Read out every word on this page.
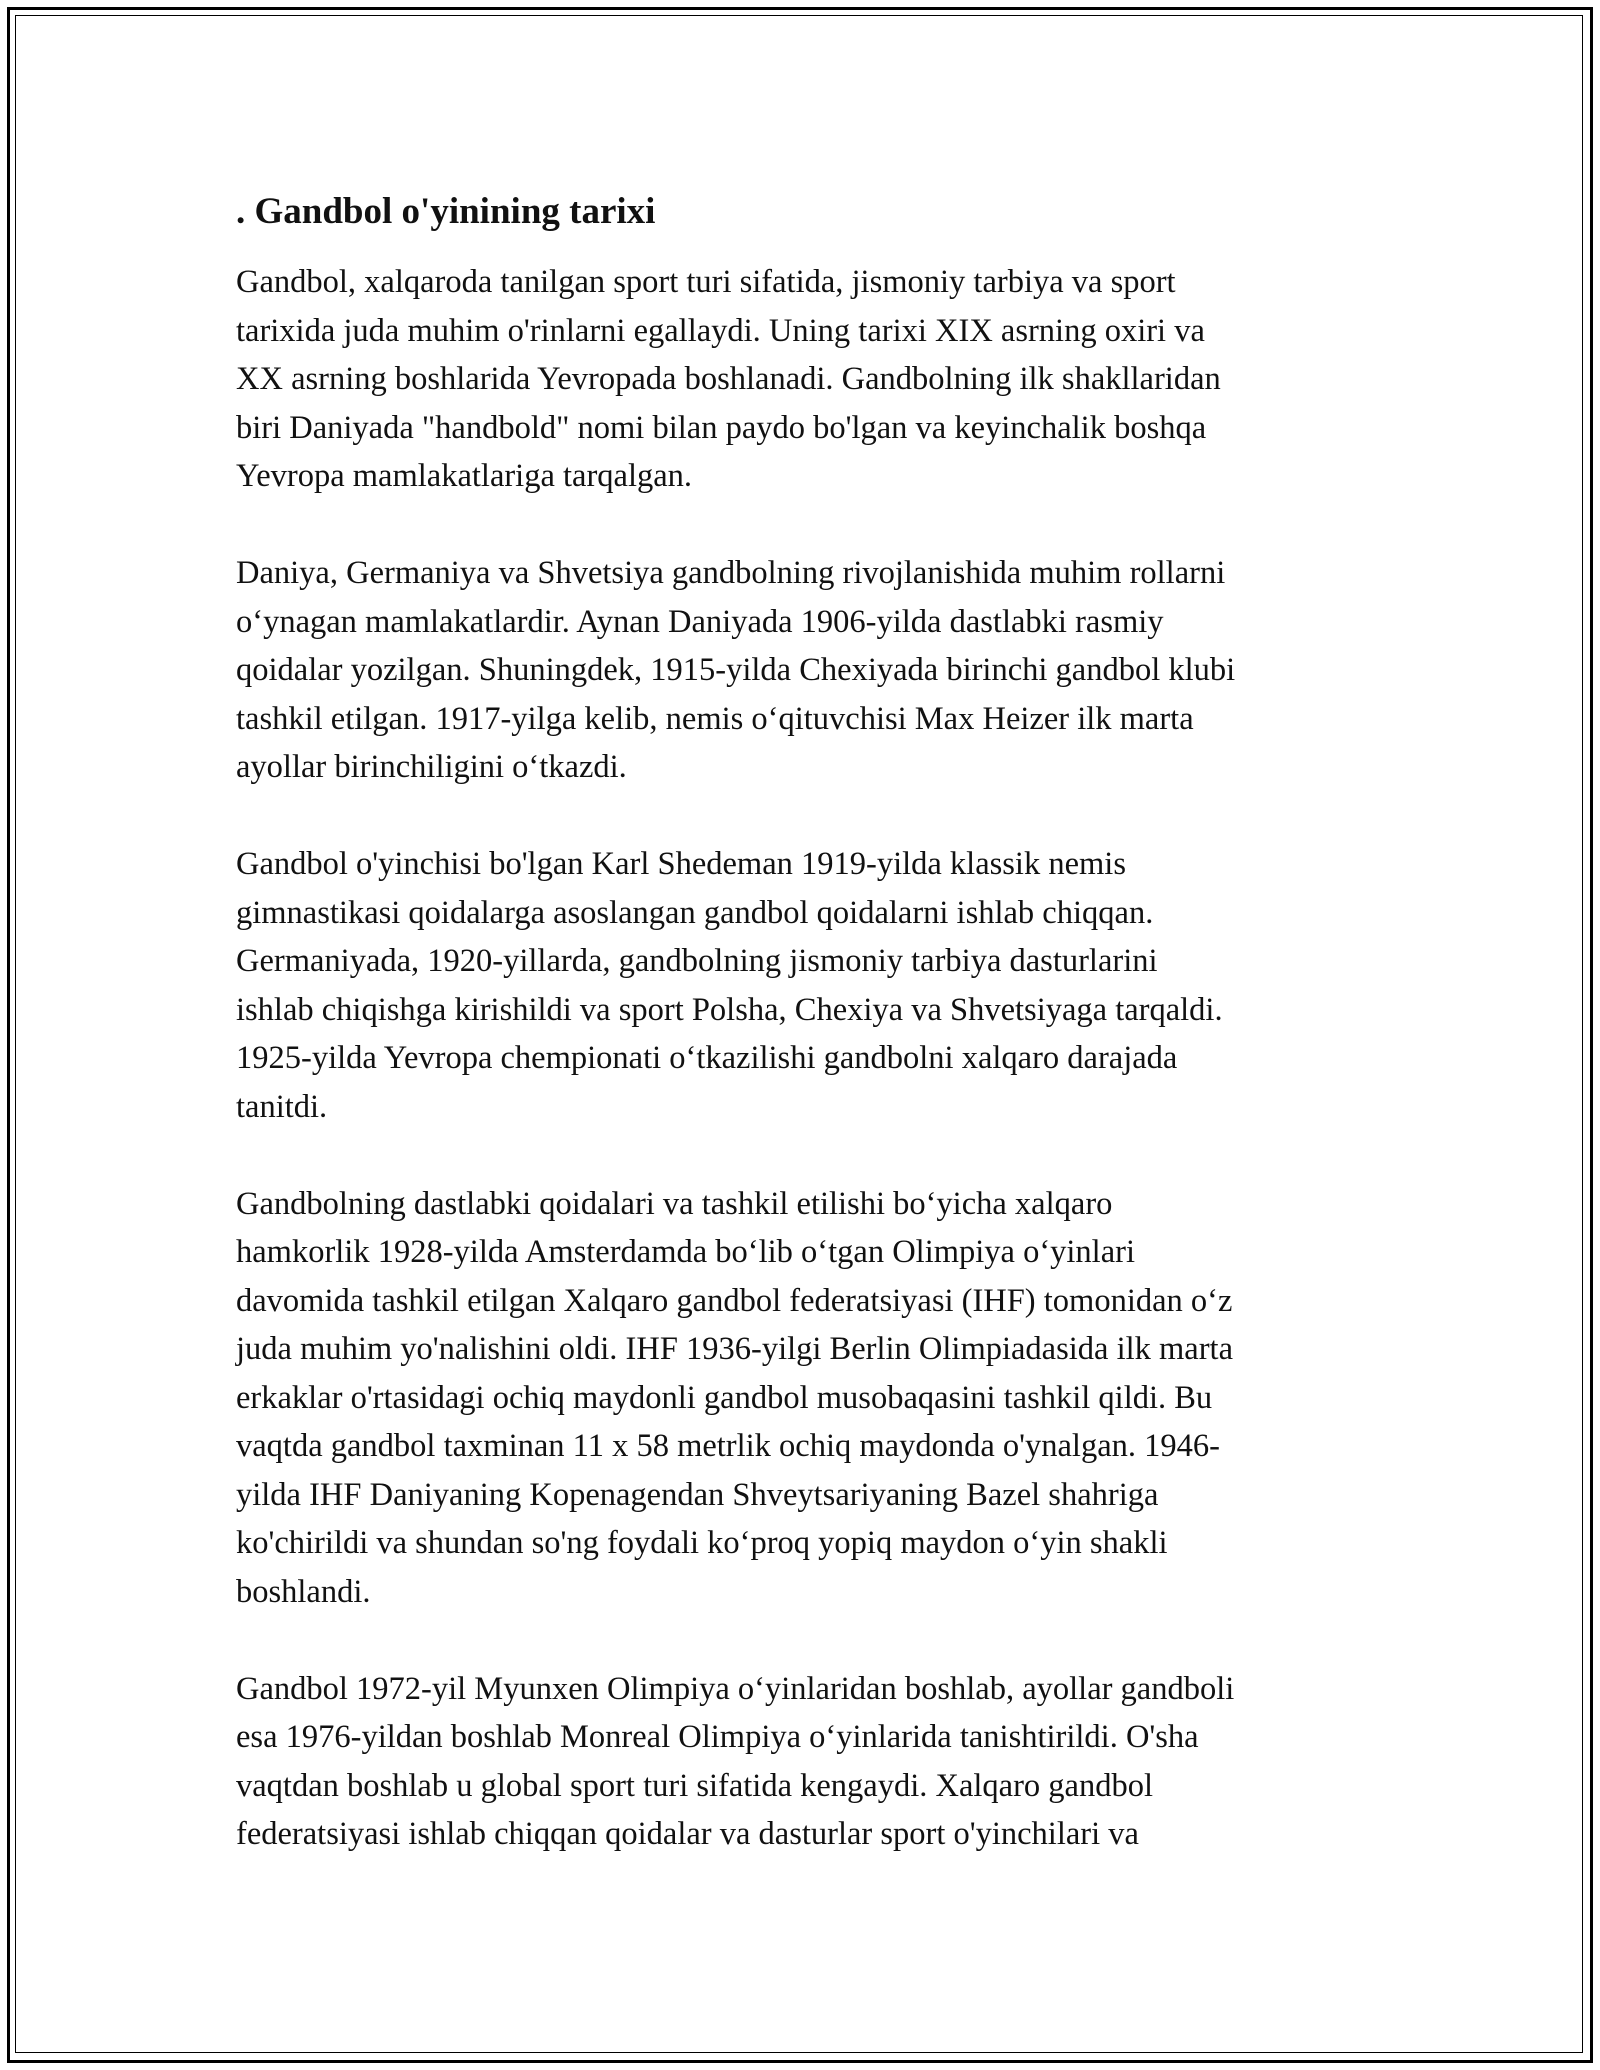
. Gandbol o'yinining tarixi

Gandbol, xalqaroda tanilgan sport turi sifatida, jismoniy tarbiya va sport
tarixida juda muhim o'rinlarni egallaydi. Uning tarixi XIX asrning oxiri va
XX asrning boshlarida Yevropada boshlanadi. Gandbolning ilk shakllaridan
biri Daniyada "handbold" nomi bilan paydo bo'lgan va keyinchalik boshqa
Yevropa mamlakatlariga tarqalgan.

Daniya, Germaniya va Shvetsiya gandbolning rivojlanishida muhim rollarni
o‘ynagan mamlakatlardir. Aynan Daniyada 1906-yilda dastlabki rasmiy
qoidalar yozilgan. Shuningdek, 1915-yilda Chexiyada birinchi gandbol klubi
tashkil etilgan. 1917-yilga kelib, nemis o‘qituvchisi Max Heizer ilk marta
ayollar birinchiligini o‘tkazdi.

Gandbol o'yinchisi bo'lgan Karl Shedeman 1919-yilda klassik nemis
gimnastikasi qoidalarga asoslangan gandbol qoidalarni ishlab chiqqan.
Germaniyada, 1920-yillarda, gandbolning jismoniy tarbiya dasturlarini
ishlab chiqishga kirishildi va sport Polsha, Chexiya va Shvetsiyaga tarqaldi.
1925-yilda Yevropa chempionati o‘tkazilishi gandbolni xalqaro darajada
tanitdi.

Gandbolning dastlabki qoidalari va tashkil etilishi bo‘yicha xalqaro
hamkorlik 1928-yilda Amsterdamda bo‘lib o‘tgan Olimpiya o‘yinlari
davomida tashkil etilgan Xalqaro gandbol federatsiyasi (IHF) tomonidan o‘z
juda muhim yo'nalishini oldi. IHF 1936-yilgi Berlin Olimpiadasida ilk marta
erkaklar o'rtasidagi ochiq maydonli gandbol musobaqasini tashkil qildi. Bu
vaqtda gandbol taxminan 11 x 58 metrlik ochiq maydonda o'ynalgan. 1946-
yilda IHF Daniyaning Kopenagendan Shveytsariyaning Bazel shahriga
ko'chirildi va shundan so'ng foydali ko‘proq yopiq maydon o‘yin shakli
boshlandi.

Gandbol 1972-yil Myunxen Olimpiya o‘yinlaridan boshlab, ayollar gandboli
esa 1976-yildan boshlab Monreal Olimpiya o‘yinlarida tanishtirildi. O'sha
vaqtdan boshlab u global sport turi sifatida kengaydi. Xalqaro gandbol
federatsiyasi ishlab chiqqan qoidalar va dasturlar sport o'yinchilari va
